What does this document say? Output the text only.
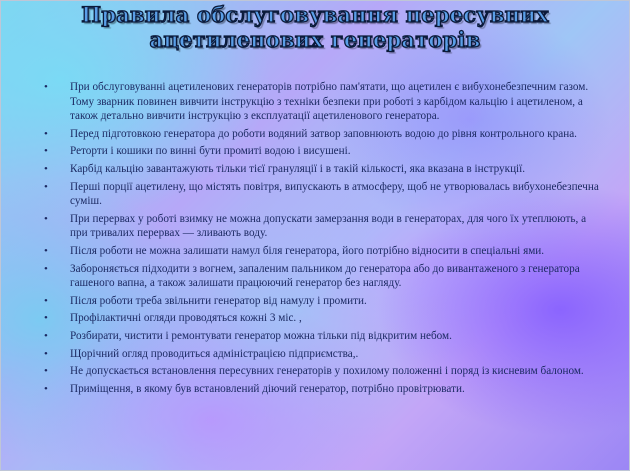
Правила обслуговування пересувних
ацетиленових генераторів
• При обслуговуванні ацетиленових генераторів потрібно пам'ятати, що ацетилен є вибухонебезпечним газом. Тому зварник повинен вивчити інструкцію з техніки безпеки при роботі з карбідом кальцію і ацетиленом, а також детально вивчити інструкцію з експлуатації ацетиленового генератора.
• Перед підготовкою генератора до роботи водяний затвор заповнюють водою до рівня контрольного крана.
• Реторти і кошики по винні бути промиті водою і висушені.
• Карбід кальцію завантажують тільки тієї грануляції і в такій кількості, яка вказана в інструкції.
• Перші порції ацетилену, що містять повітря, випускають в атмосферу, щоб не утворювалась вибухонебезпечна суміш.
• При перервах у роботі взимку не можна допускати замерзання води в генераторах, для чого їх утеплюють, а при тривалих перервах — зливають воду.
• Після роботи не можна залишати намул біля генератора, його потрібно відносити в спеціальні ями.
• Забороняється підходити з вогнем, запаленим пальником до генератора або до вивантаженого з генератора гашеного вапна, а також залишати працюючий генератор без нагляду.
• Після роботи треба звільнити генератор від намулу і промити.
• Профілактичні огляди проводяться кожні 3 міс. ,
• Розбирати, чистити і ремонтувати генератор можна тільки під відкритим небом.
• Щорічний огляд проводиться адміністрацією підприємства,.
• Не допускається встановлення пересувних генераторів у похилому положенні і поряд із кисневим балоном.
• Приміщення, в якому був встановлений діючий генератор, потрібно провітрювати.
